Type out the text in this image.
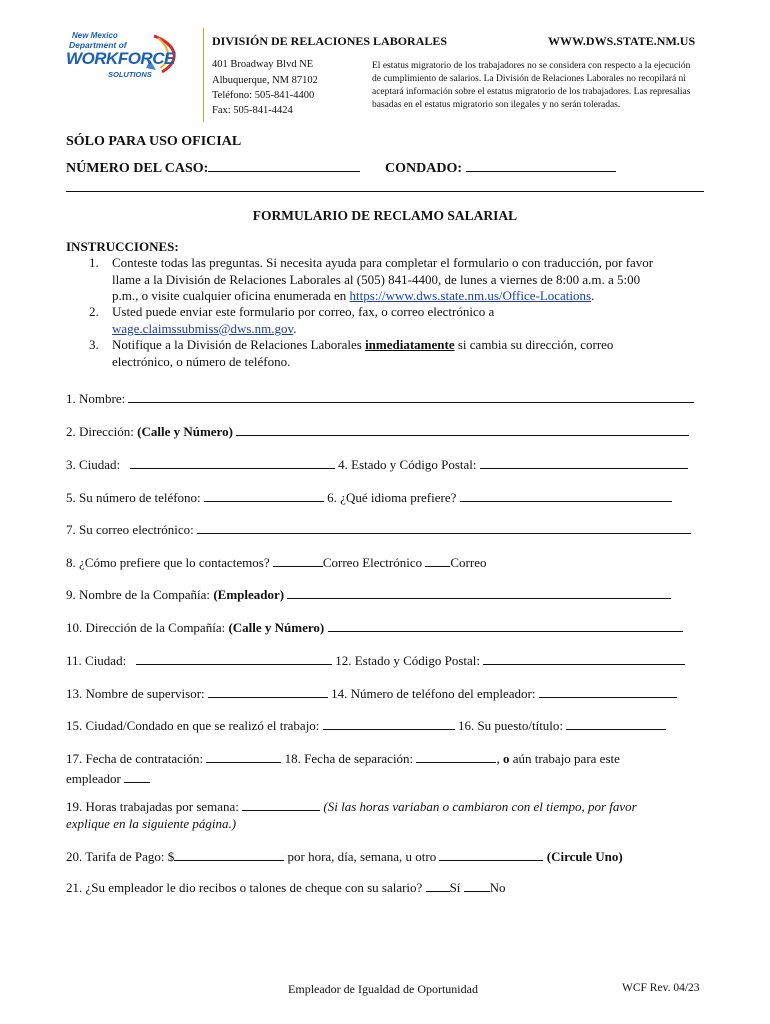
New Mexico
Department of
WORKFORCE
SOLUTIONS
DIVISIÓN DE RELACIONES LABORALES	WWW.DWS.STATE.NM.US
401 Broadway Blvd NE
Albuquerque, NM 87102
Teléfono: 505-841-4400
Fax: 505-841-4424
El estatus migratorio de los trabajadores no se considera con respecto a la ejecución de cumplimiento de salarios. La División de Relaciones Laborales no recopilará ni aceptará información sobre el estatus migratorio de los trabajadores. Las represalias basadas en el estatus migratorio son ilegales y no serán toleradas.
SÓLO PARA USO OFICIAL
NÚMERO DEL CASO:	CONDADO:
FORMULARIO DE RECLAMO SALARIAL
INSTRUCCIONES:
1. Conteste todas las preguntas. Si necesita ayuda para completar el formulario o con traducción, por favor
llame a la División de Relaciones Laborales al (505) 841-4400, de lunes a viernes de 8:00 a.m. a 5:00
p.m., o visite cualquier oficina enumerada en https://www.dws.state.nm.us/Office-Locations.
2. Usted puede enviar este formulario por correo, fax, o correo electrónico a
wage.claimssubmiss@dws.nm.gov.
3. Notifique a la División de Relaciones Laborales inmediatamente si cambia su dirección, correo
electrónico, o número de teléfono.
1. Nombre:
2. Dirección: (Calle y Número)
3. Ciudad:	4. Estado y Código Postal:
5. Su número de teléfono:	6. ¿Qué idioma prefiere?
7. Su correo electrónico:
8. ¿Cómo prefiere que lo contactemos?	Correo Electrónico Correo
9. Nombre de la Compañía: (Empleador)
10. Dirección de la Compañía: (Calle y Número)
11. Ciudad:	12. Estado y Código Postal:
13. Nombre de supervisor:	14. Número de teléfono del empleador:
15. Ciudad/Condado en que se realizó el trabajo:	16. Su puesto/título:
17. Fecha de contratación:	18. Fecha de separación:	, o aún trabajo para este
empleador
19. Horas trabajadas por semana:	(Si las horas variaban o cambiaron con el tiempo, por favor
explique en la siguiente página.)
20. Tarifa de Pago: $	por hora, día, semana, u otro	(Circule Uno)
21. ¿Su empleador le dio recibos o talones de cheque con su salario? Sí No
Empleador de Igualdad de Oportunidad	WCF Rev. 04/23
